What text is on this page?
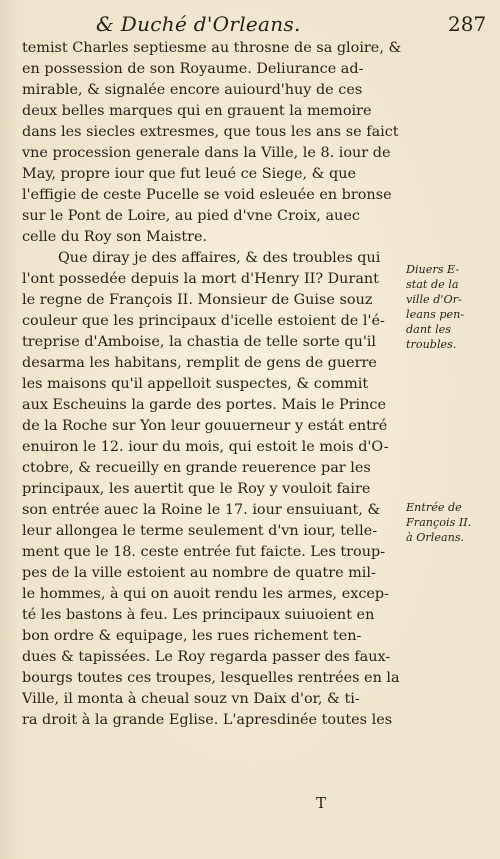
& Duché d'Orleans.	287
temist Charles septiesme au throsne de sa gloire, &
en possession de son Royaume. Deliurance ad-
mirable, & signalée encore auiourd'huy de ces
deux belles marques qui en grauent la memoire
dans les siecles extresmes, que tous les ans se faict
vne procession generale dans la Ville, le 8. iour de
May, propre iour que fut leué ce Siege, & que
l'effigie de ceste Pucelle se void esleuée en bronse
sur le Pont de Loire, au pied d'vne Croix, auec
celle du Roy son Maistre.
Que diray je des affaires, & des troubles qui
l'ont possedée depuis la mort d'Henry II? Durant
le regne de François II. Monsieur de Guise souz
couleur que les principaux d'icelle estoient de l'é-
treprise d'Amboise, la chastia de telle sorte qu'il
desarma les habitans, remplit de gens de guerre
les maisons qu'il appelloit suspectes, & commit
aux Escheuins la garde des portes. Mais le Prince
de la Roche sur Yon leur gouuerneur y estát entré
enuiron le 12. iour du mois, qui estoit le mois d'O-
ctobre, & recueilly en grande reuerence par les
principaux, les auertit que le Roy y vouloit faire
son entrée auec la Roine le 17. iour ensuiuant, &
leur allongea le terme seulement d'vn iour, telle-
ment que le 18. ceste entrée fut faicte. Les troup-
pes de la ville estoient au nombre de quatre mil-
le hommes, à qui on auoit rendu les armes, excep-
té les bastons à feu. Les principaux suiuoient en
bon ordre & equipage, les rues richement ten-
dues & tapissées. Le Roy regarda passer des faux-
bourgs toutes ces troupes, lesquelles rentrées en la
Ville, il monta à cheual souz vn Daix d'or, & ti-
ra droit à la grande Eglise. L'apresdinée toutes les
Diuers E-
stat de la
ville d'Or-
leans pen-
dant les
troubles.
Entrée de
François II.
à Orleans.
T
